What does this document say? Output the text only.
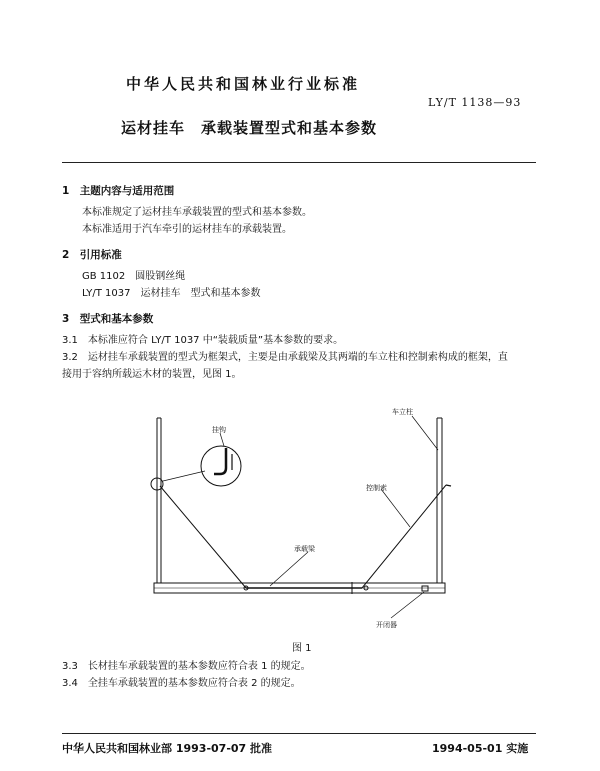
中华人民共和国林业行业标准
LY/T 1138—93
运材挂车　承载装置型式和基本参数
1　主题内容与适用范围
本标准规定了运材挂车承载装置的型式和基本参数。
本标准适用于汽车牵引的运材挂车的承载装置。
2　引用标准
GB 1102　圆股钢丝绳
LY/T 1037　运材挂车　型式和基本参数
3　型式和基本参数
3.1　本标准应符合 LY/T 1037 中“装载质量”基本参数的要求。
3.2　运材挂车承载装置的型式为框架式，主要是由承载梁及其两端的车立柱和控制索构成的框架，直
接用于容纳所载运木材的装置，见图 1。
挂钩
车立柱
控制索
承载梁
开闭器
图 1
3.3　长材挂车承载装置的基本参数应符合表 1 的规定。
3.4　全挂车承载装置的基本参数应符合表 2 的规定。
中华人民共和国林业部 1993-07-07 批准	1994-05-01 实施
